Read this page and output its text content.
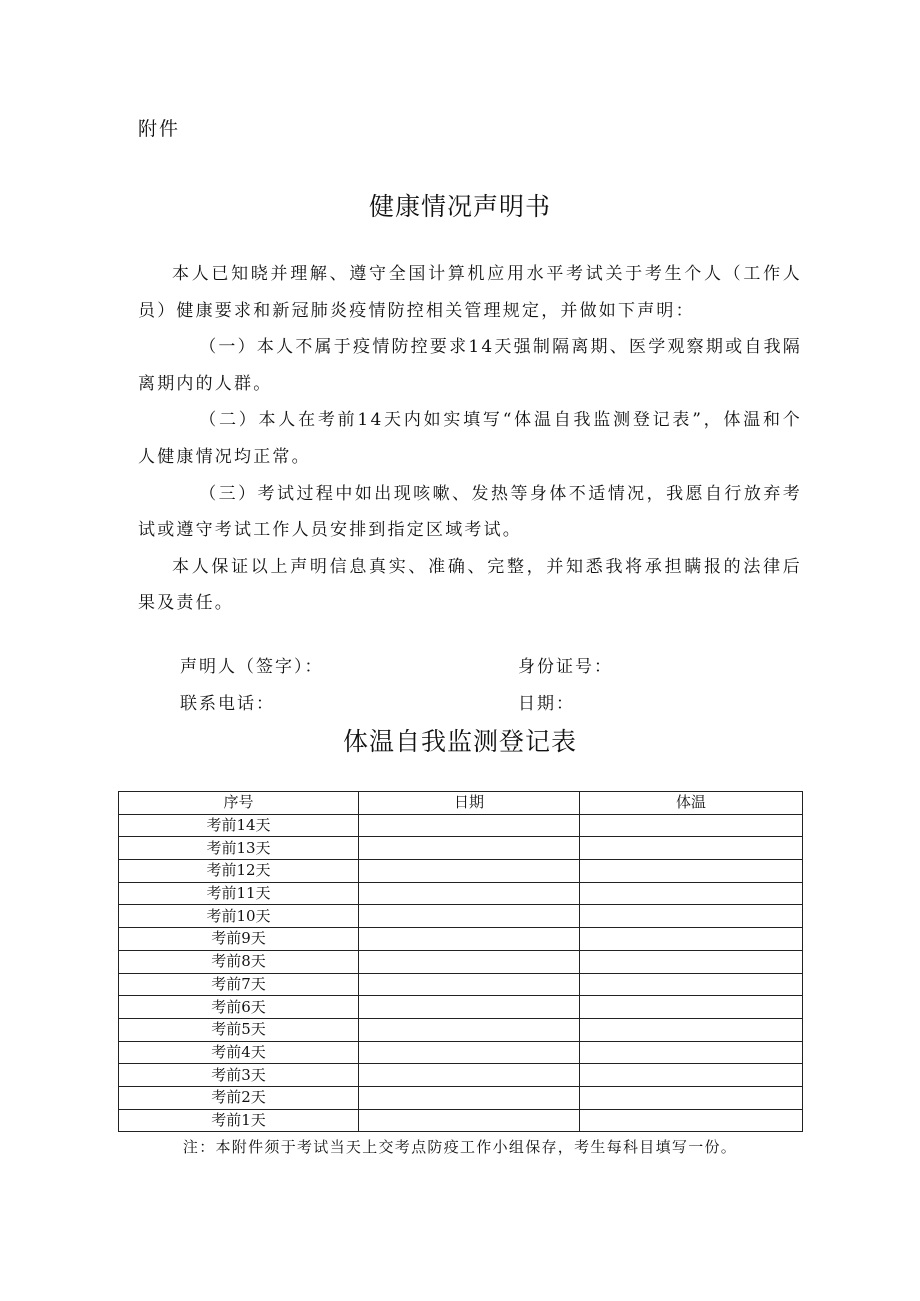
附件
健康情况声明书

本人已知晓并理解、遵守全国计算机应用水平考试关于考生个人（工作人员）健康要求和新冠肺炎疫情防控相关管理规定，并做如下声明：

（一）本人不属于疫情防控要求14天强制隔离期、医学观察期或自我隔离期内的人群。

（二）本人在考前14天内如实填写“体温自我监测登记表”，体温和个人健康情况均正常。

（三）考试过程中如出现咳嗽、发热等身体不适情况，我愿自行放弃考试或遵守考试工作人员安排到指定区域考试。

本人保证以上声明信息真实、准确、完整，并知悉我将承担瞒报的法律后果及责任。

声明人（签字）：	身份证号：
联系电话：	日期：
体温自我监测登记表
序号	日期	体温
考前14天		
考前13天		
考前12天		
考前11天		
考前10天		
考前9天		
考前8天		
考前7天		
考前6天		
考前5天		
考前4天		
考前3天		
考前2天		
考前1天		
注：本附件须于考试当天上交考点防疫工作小组保存，考生每科目填写一份。
